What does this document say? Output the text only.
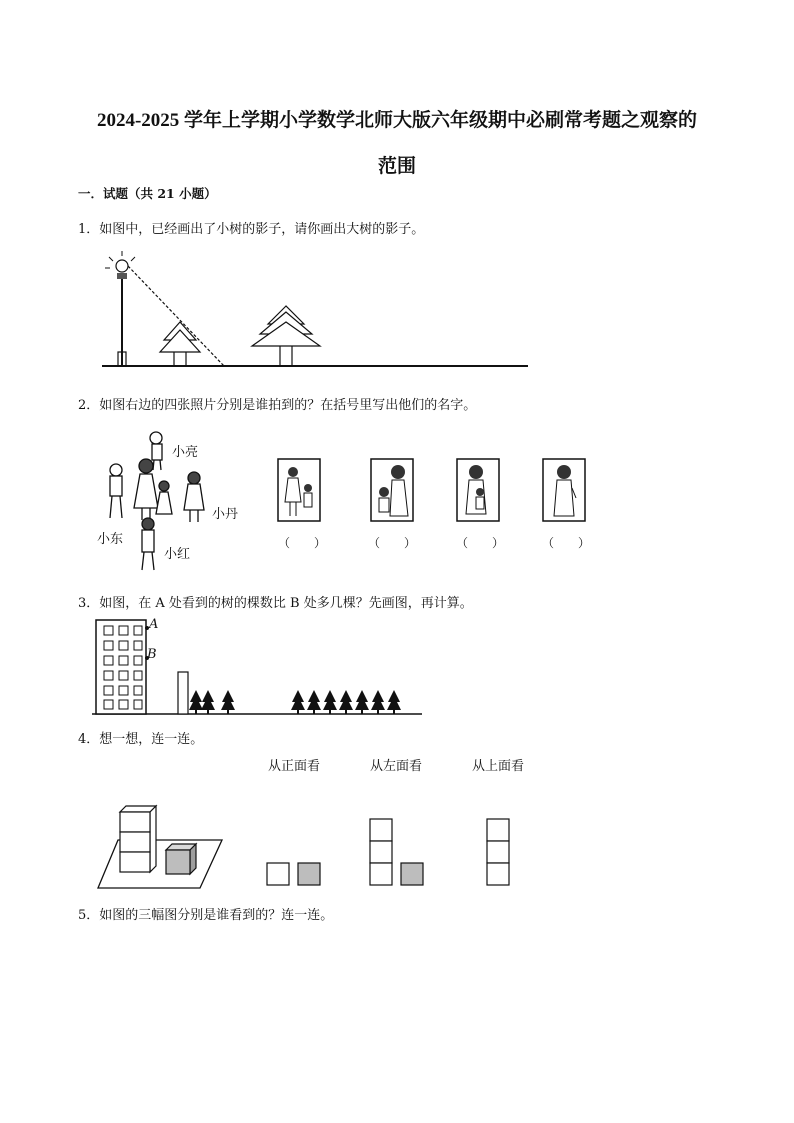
2024-2025 学年上学期小学数学北师大版六年级期中必刷常考题之观察的
范围
一．试题（共 21 小题）
1．如图中，已经画出了小树的影子，请你画出大树的影子。
2．如图右边的四张照片分别是谁拍到的？在括号里写出他们的名字。
小亮
小东
小丹
小红
（　　）	（　　）	（　　）	（　　）
3．如图，在 A 处看到的树的棵数比 B 处多几棵？先画图，再计算。
A
B
4．想一想，连一连。
从正面看	从左面看	从上面看
5．如图的三幅图分别是谁看到的？连一连。
